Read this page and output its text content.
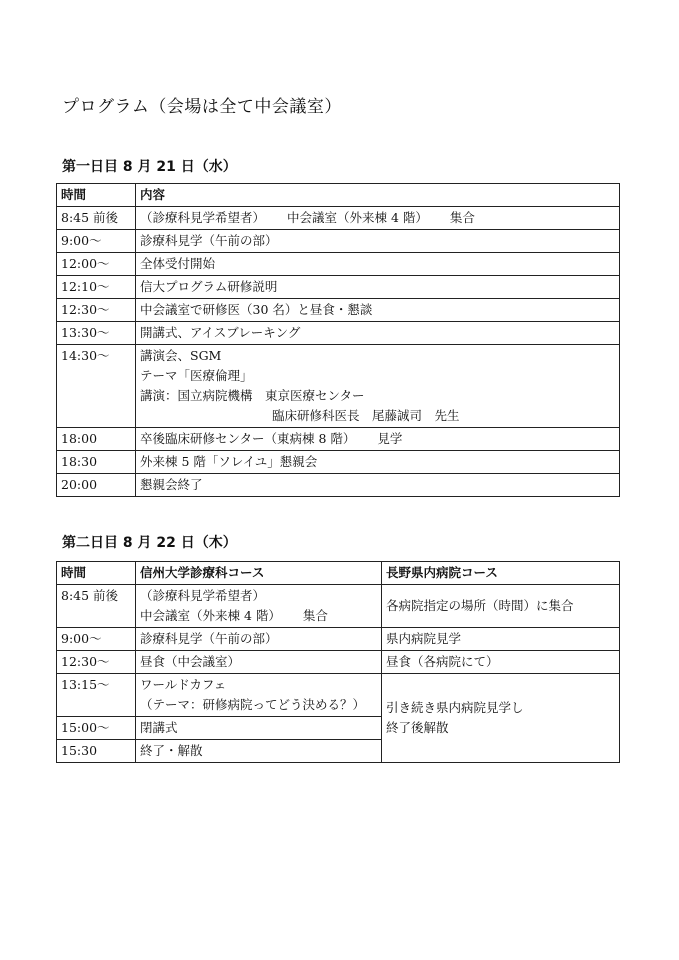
プログラム（会場は全て中会議室）
第一日目 8 月 21 日（水）
時間	内容
8:45 前後	（診療科見学希望者） 中会議室（外来棟 4 階） 集合
9:00～	診療科見学（午前の部）
12:00～	全体受付開始
12:10～	信大プログラム研修説明
12:30～	中会議室で研修医（30 名）と昼食・懇談
13:30～	開講式、アイスブレーキング
14:30～	講演会、SGM
テーマ「医療倫理」
講演：国立病院機構　東京医療センター
臨床研修科医長　尾藤誠司　先生

18:00	卒後臨床研修センター（東病棟 8 階） 見学
18:30	外来棟 5 階「ソレイユ」懇親会
20:00	懇親会終了
第二日目 8 月 22 日（木）
時間	信州大学診療科コース	長野県内病院コース
8:45 前後	（診療科見学希望者）
中会議室（外来棟 4 階） 集合	各病院指定の場所（時間）に集合
9:00～	診療科見学（午前の部）	県内病院見学
12:30～	昼食（中会議室）	昼食（各病院にて）
13:15～	ワールドカフェ
（テーマ：研修病院ってどう決める？）	引き続き県内病院見学し
終了後解散

15:00～	閉講式	
15:30	終了・解散	
